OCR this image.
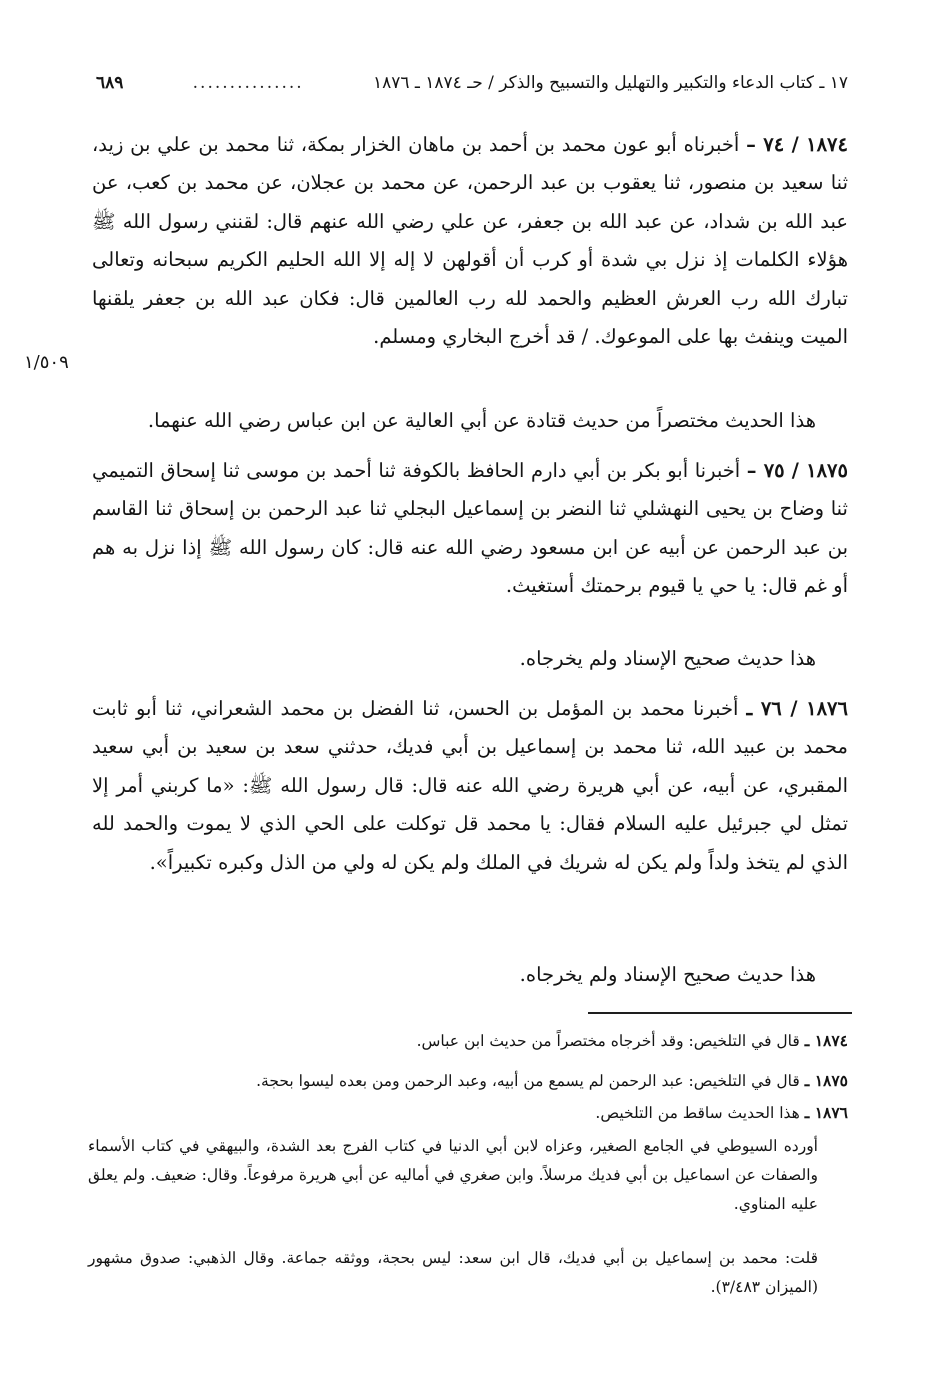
١٧ ـ كتاب الدعاء والتكبير والتهليل والتسبيح والذكر / حـ ١٨٧٤ ـ ١٨٧٦
...............
٦٨٩
١٨٧٤ / ٧٤ – أخبرناه أبو عون محمد بن أحمد بن ماهان الخزار بمكة، ثنا محمد بن علي بن زيد، ثنا سعيد بن منصور، ثنا يعقوب بن عبد الرحمن، عن محمد بن عجلان، عن محمد بن كعب، عن عبد الله بن شداد، عن عبد الله بن جعفر، عن علي رضي الله عنهم قال: لقنني رسول الله ﷺ هؤلاء الكلمات إذ نزل بي شدة أو كرب أن أقولهن لا إله إلا الله الحليم الكريم سبحانه وتعالى تبارك الله رب العرش العظيم والحمد لله رب العالمين قال: فكان عبد الله بن جعفر يلقنها الميت وينفث بها على الموعوك. / قد أخرج البخاري ومسلم.
١/٥٠٩
هذا الحديث مختصراً من حديث قتادة عن أبي العالية عن ابن عباس رضي الله عنهما.
١٨٧٥ / ٧٥ – أخبرنا أبو بكر بن أبي دارم الحافظ بالكوفة ثنا أحمد بن موسى ثنا إسحاق التميمي ثنا وضاح بن يحيى النهشلي ثنا النضر بن إسماعيل البجلي ثنا عبد الرحمن بن إسحاق ثنا القاسم بن عبد الرحمن عن أبيه عن ابن مسعود رضي الله عنه قال: كان رسول الله ﷺ إذا نزل به هم أو غم قال: يا حي يا قيوم برحمتك أستغيث.
هذا حديث صحيح الإسناد ولم يخرجاه.
١٨٧٦ / ٧٦ ـ أخبرنا محمد بن المؤمل بن الحسن، ثنا الفضل بن محمد الشعراني، ثنا أبو ثابت محمد بن عبيد الله، ثنا محمد بن إسماعيل بن أبي فديك، حدثني سعد بن سعيد بن أبي سعيد المقبري، عن أبيه، عن أبي هريرة رضي الله عنه قال: قال رسول الله ﷺ: «ما كربني أمر إلا تمثل لي جبرئيل عليه السلام فقال: يا محمد قل توكلت على الحي الذي لا يموت والحمد لله الذي لم يتخذ ولداً ولم يكن له شريك في الملك ولم يكن له ولي من الذل وكبره تكبيراً».
هذا حديث صحيح الإسناد ولم يخرجاه.
١٨٧٤ ـ قال في التلخيص: وقد أخرجاه مختصراً من حديث ابن عباس.
١٨٧٥ ـ قال في التلخيص: عبد الرحمن لم يسمع من أبيه، وعبد الرحمن ومن بعده ليسوا بحجة.
١٨٧٦ ـ هذا الحديث ساقط من التلخيص.
أورده السيوطي في الجامع الصغير، وعزاه لابن أبي الدنيا في كتاب الفرج بعد الشدة، والبيهقي في كتاب الأسماء والصفات عن اسماعيل بن أبي فديك مرسلاً. وابن صغري في أماليه عن أبي هريرة مرفوعاً. وقال: ضعيف. ولم يعلق عليه المناوي.
قلت: محمد بن إسماعيل بن أبي فديك، قال ابن سعد: ليس بحجة، ووثقه جماعة. وقال الذهبي: صدوق مشهور (الميزان ٣/٤٨٣).
